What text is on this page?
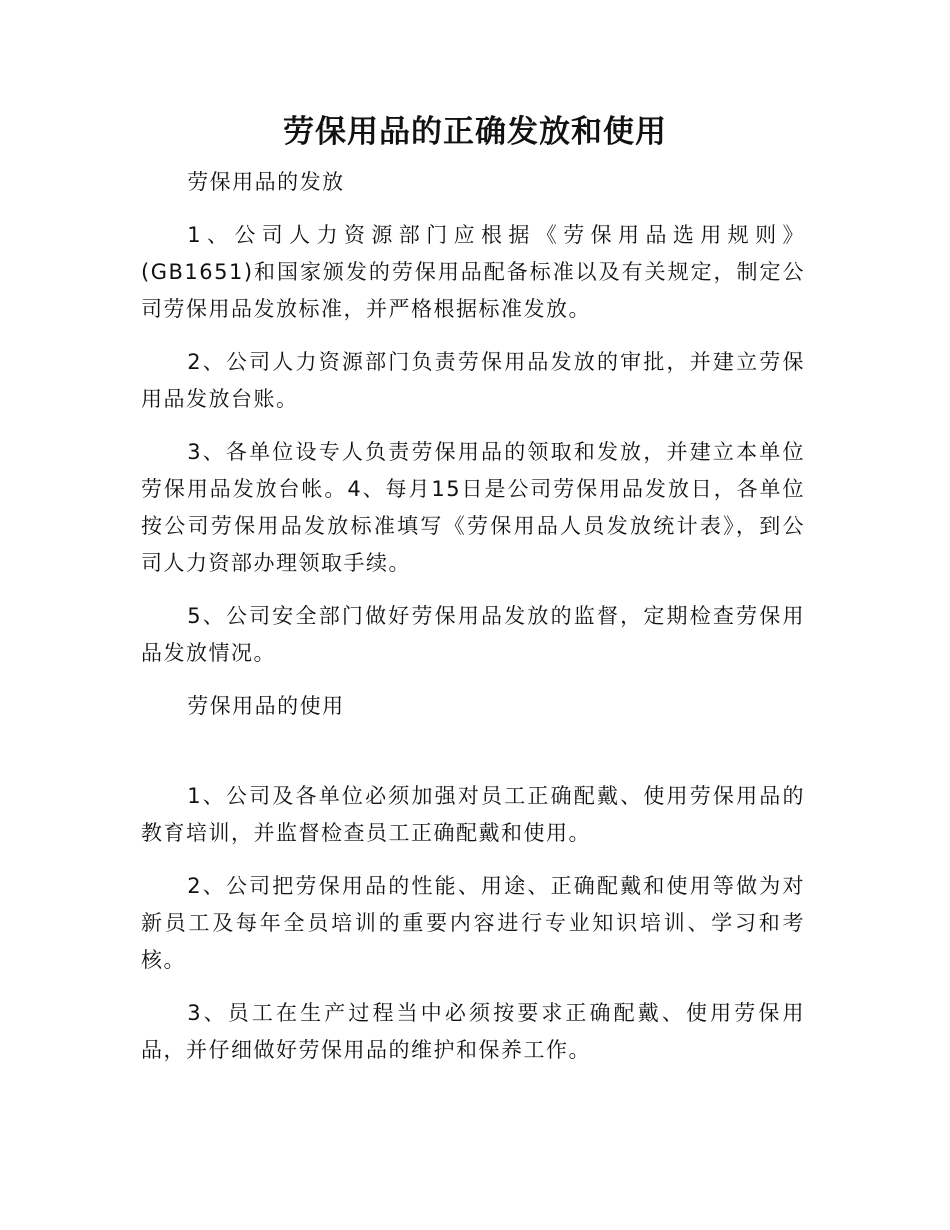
劳保用品的正确发放和使用

劳保用品的发放

1、公司人力资源部门应根据《劳保用品选用规则》(GB1651)和国家颁发的劳保用品配备标准以及有关规定，制定公司劳保用品发放标准，并严格根据标准发放。

2、公司人力资源部门负责劳保用品发放的审批，并建立劳保用品发放台账。

3、各单位设专人负责劳保用品的领取和发放，并建立本单位劳保用品发放台帐。4、每月15日是公司劳保用品发放日，各单位按公司劳保用品发放标准填写《劳保用品人员发放统计表》，到公司人力资部办理领取手续。

5、公司安全部门做好劳保用品发放的监督，定期检查劳保用品发放情况。

劳保用品的使用

1、公司及各单位必须加强对员工正确配戴、使用劳保用品的教育培训，并监督检查员工正确配戴和使用。

2、公司把劳保用品的性能、用途、正确配戴和使用等做为对新员工及每年全员培训的重要内容进行专业知识培训、学习和考核。

3、员工在生产过程当中必须按要求正确配戴、使用劳保用品，并仔细做好劳保用品的维护和保养工作。
